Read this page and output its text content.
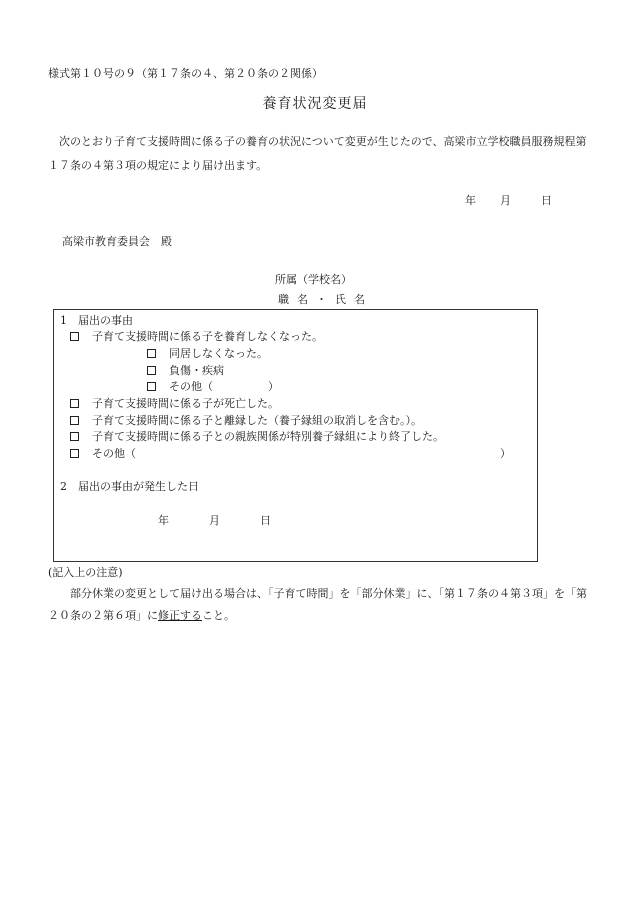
様式第１０号の９（第１７条の４、第２０条の２関係）
養育状況変更届
次のとおり子育て支援時間に係る子の養育の状況について変更が生じたので、高梁市立学校職員服務規程第１７条の４第３項の規定により届け出ます。
年 月	日
高梁市教育委員会　殿
所属（学校名）
職名・氏名
1　届出の事由
子育て支援時間に係る子を養育しなくなった。
同居しなくなった。
負傷・疾病
その他（　　　　　）
子育て支援時間に係る子が死亡した。
子育て支援時間に係る子と離縁した（養子縁組の取消しを含む。）。
子育て支援時間に係る子との親族関係が特別養子縁組により終了した。
その他（	）
2　届出の事由が発生した日
年	月	日
(記入上の注意)
部分休業の変更として届け出る場合は、「子育て時間」を「部分休業」に、「第１７条の４第３項」を「第２０条の２第６項」に修正すること。
